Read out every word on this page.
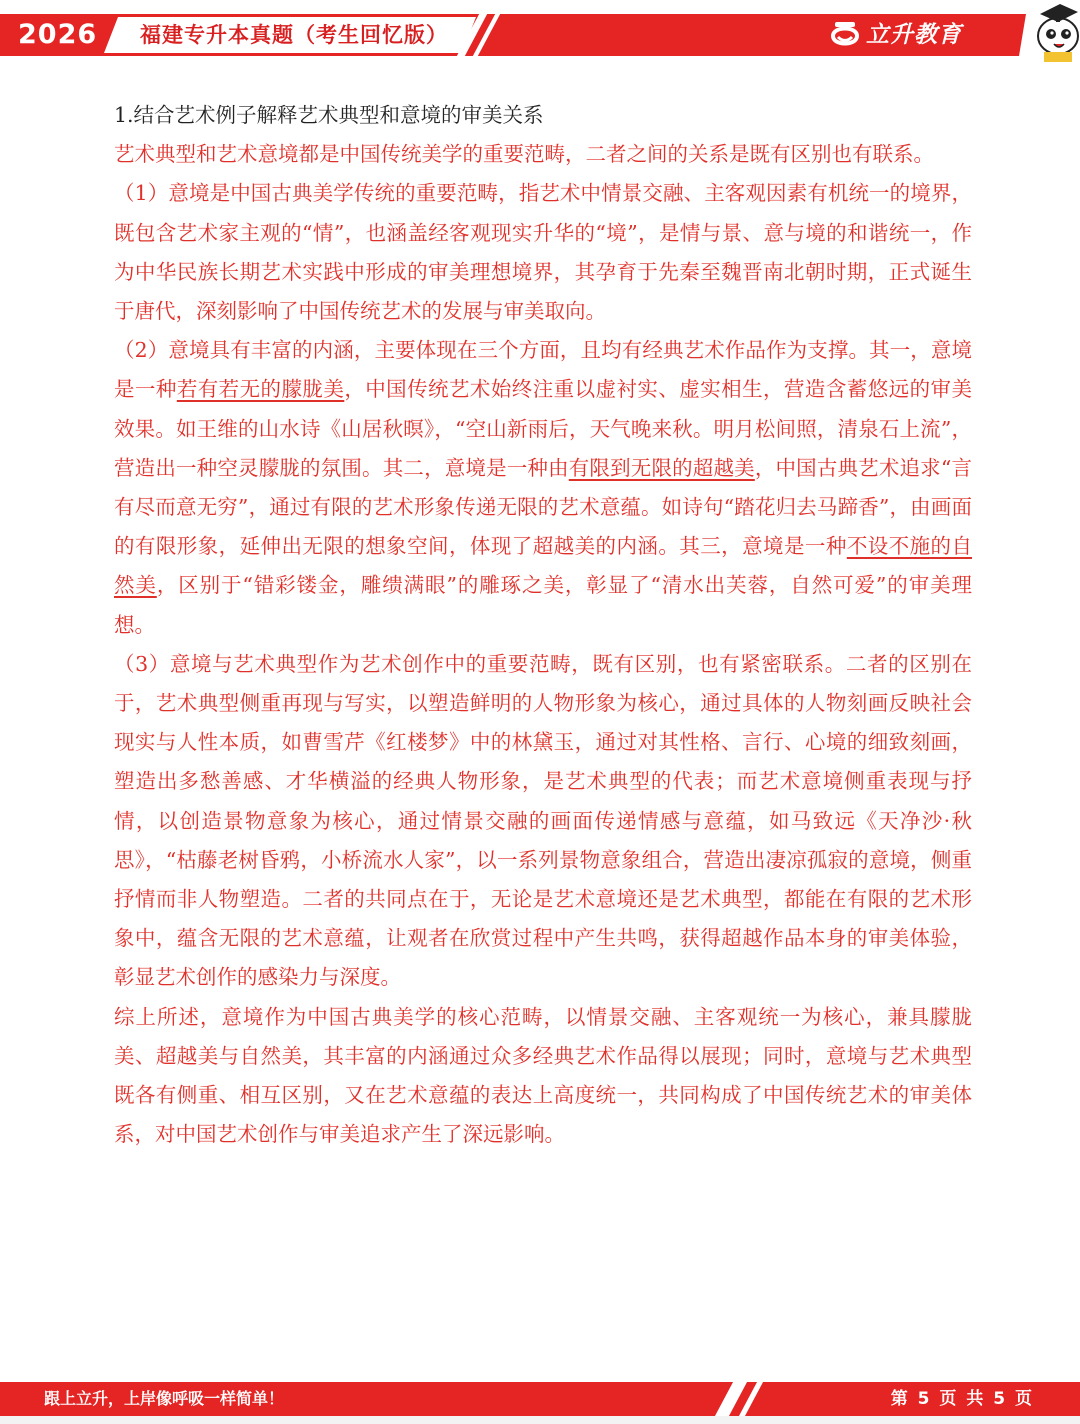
2026 福建专升本真题（考生回忆版）	立升教育

1.结合艺术例子解释艺术典型和意境的审美关系

艺术典型和艺术意境都是中国传统美学的重要范畴，二者之间的关系是既有区别也有联系。

（1）意境是中国古典美学传统的重要范畴，指艺术中情景交融、主客观因素有机统一的境界，既包含艺术家主观的“情”，也涵盖经客观现实升华的“境”，是情与景、意与境的和谐统一，作为中华民族长期艺术实践中形成的审美理想境界，其孕育于先秦至魏晋南北朝时期，正式诞生于唐代，深刻影响了中国传统艺术的发展与审美取向。

（2）意境具有丰富的内涵，主要体现在三个方面，且均有经典艺术作品作为支撑。其一，意境是一种若有若无的朦胧美，中国传统艺术始终注重以虚衬实、虚实相生，营造含蓄悠远的审美效果。如王维的山水诗《山居秋暝》，“空山新雨后，天气晚来秋。明月松间照，清泉石上流”，营造出一种空灵朦胧的氛围。其二，意境是一种由有限到无限的超越美，中国古典艺术追求“言有尽而意无穷”，通过有限的艺术形象传递无限的艺术意蕴。如诗句“踏花归去马蹄香”，由画面的有限形象，延伸出无限的想象空间，体现了超越美的内涵。其三，意境是一种不设不施的自然美，区别于“错彩镂金，雕缋满眼”的雕琢之美，彰显了“清水出芙蓉，自然可爱”的审美理想。

（3）意境与艺术典型作为艺术创作中的重要范畴，既有区别，也有紧密联系。二者的区别在于，艺术典型侧重再现与写实，以塑造鲜明的人物形象为核心，通过具体的人物刻画反映社会现实与人性本质，如曹雪芹《红楼梦》中的林黛玉，通过对其性格、言行、心境的细致刻画，塑造出多愁善感、才华横溢的经典人物形象，是艺术典型的代表；而艺术意境侧重表现与抒情，以创造景物意象为核心，通过情景交融的画面传递情感与意蕴，如马致远《天净沙·秋思》，“枯藤老树昏鸦，小桥流水人家”，以一系列景物意象组合，营造出凄凉孤寂的意境，侧重抒情而非人物塑造。二者的共同点在于，无论是艺术意境还是艺术典型，都能在有限的艺术形象中，蕴含无限的艺术意蕴，让观者在欣赏过程中产生共鸣，获得超越作品本身的审美体验，彰显艺术创作的感染力与深度。

综上所述，意境作为中国古典美学的核心范畴，以情景交融、主客观统一为核心，兼具朦胧美、超越美与自然美，其丰富的内涵通过众多经典艺术作品得以展现；同时，意境与艺术典型既各有侧重、相互区别，又在艺术意蕴的表达上高度统一，共同构成了中国传统艺术的审美体系，对中国艺术创作与审美追求产生了深远影响。

跟上立升，上岸像呼吸一样简单！	第 5 页 共 5 页
